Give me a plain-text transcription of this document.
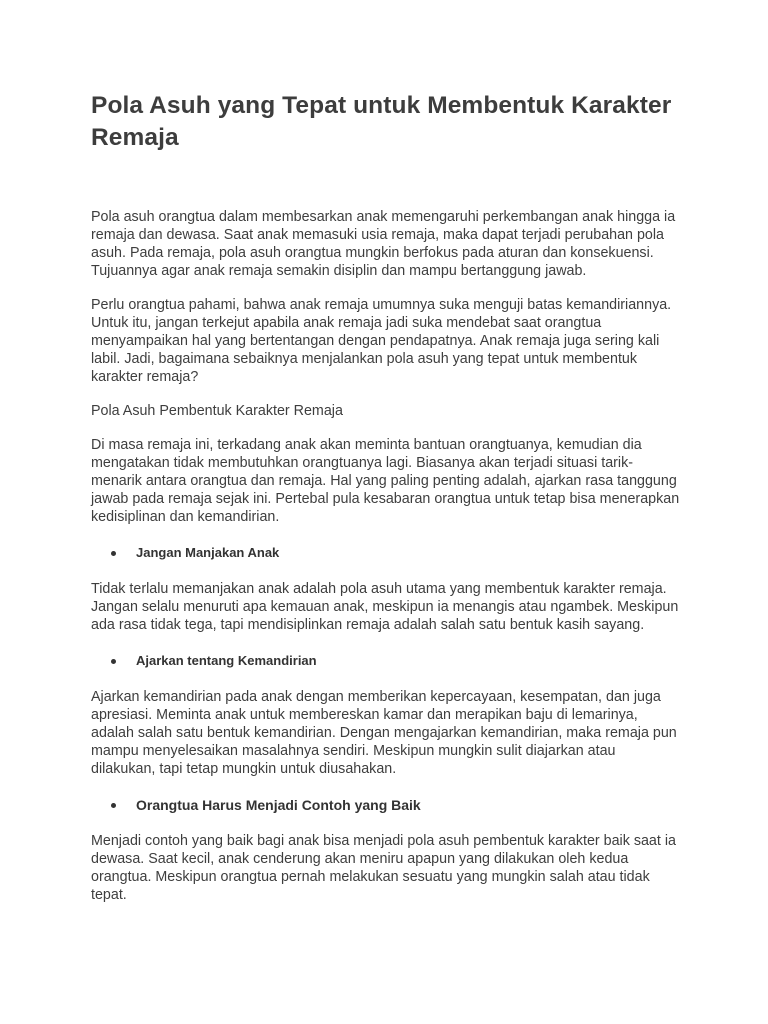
Pola Asuh yang Tepat untuk Membentuk Karakter Remaja

Pola asuh orangtua dalam membesarkan anak memengaruhi perkembangan anak hingga ia remaja dan dewasa. Saat anak memasuki usia remaja, maka dapat terjadi perubahan pola asuh. Pada remaja, pola asuh orangtua mungkin berfokus pada aturan dan konsekuensi. Tujuannya agar anak remaja semakin disiplin dan mampu bertanggung jawab.

Perlu orangtua pahami, bahwa anak remaja umumnya suka menguji batas kemandiriannya. Untuk itu, jangan terkejut apabila anak remaja jadi suka mendebat saat orangtua menyampaikan hal yang bertentangan dengan pendapatnya. Anak remaja juga sering kali labil. Jadi, bagaimana sebaiknya menjalankan pola asuh yang tepat untuk membentuk karakter remaja?

Pola Asuh Pembentuk Karakter Remaja

Di masa remaja ini, terkadang anak akan meminta bantuan orangtuanya, kemudian dia mengatakan tidak membutuhkan orangtuanya lagi. Biasanya akan terjadi situasi tarik-menarik antara orangtua dan remaja. Hal yang paling penting adalah, ajarkan rasa tanggung jawab pada remaja sejak ini. Pertebal pula kesabaran orangtua untuk tetap bisa menerapkan kedisiplinan dan kemandirian.

Jangan Manjakan Anak

Tidak terlalu memanjakan anak adalah pola asuh utama yang membentuk karakter remaja. Jangan selalu menuruti apa kemauan anak, meskipun ia menangis atau ngambek. Meskipun ada rasa tidak tega, tapi mendisiplinkan remaja adalah salah satu bentuk kasih sayang.

Ajarkan tentang Kemandirian

Ajarkan kemandirian pada anak dengan memberikan kepercayaan, kesempatan, dan juga apresiasi. Meminta anak untuk membereskan kamar dan merapikan baju di lemarinya, adalah salah satu bentuk kemandirian. Dengan mengajarkan kemandirian, maka remaja pun mampu menyelesaikan masalahnya sendiri. Meskipun mungkin sulit diajarkan atau dilakukan, tapi tetap mungkin untuk diusahakan.

Orangtua Harus Menjadi Contoh yang Baik

Menjadi contoh yang baik bagi anak bisa menjadi pola asuh pembentuk karakter baik saat ia dewasa. Saat kecil, anak cenderung akan meniru apapun yang dilakukan oleh kedua orangtua. Meskipun orangtua pernah melakukan sesuatu yang mungkin salah atau tidak tepat.
